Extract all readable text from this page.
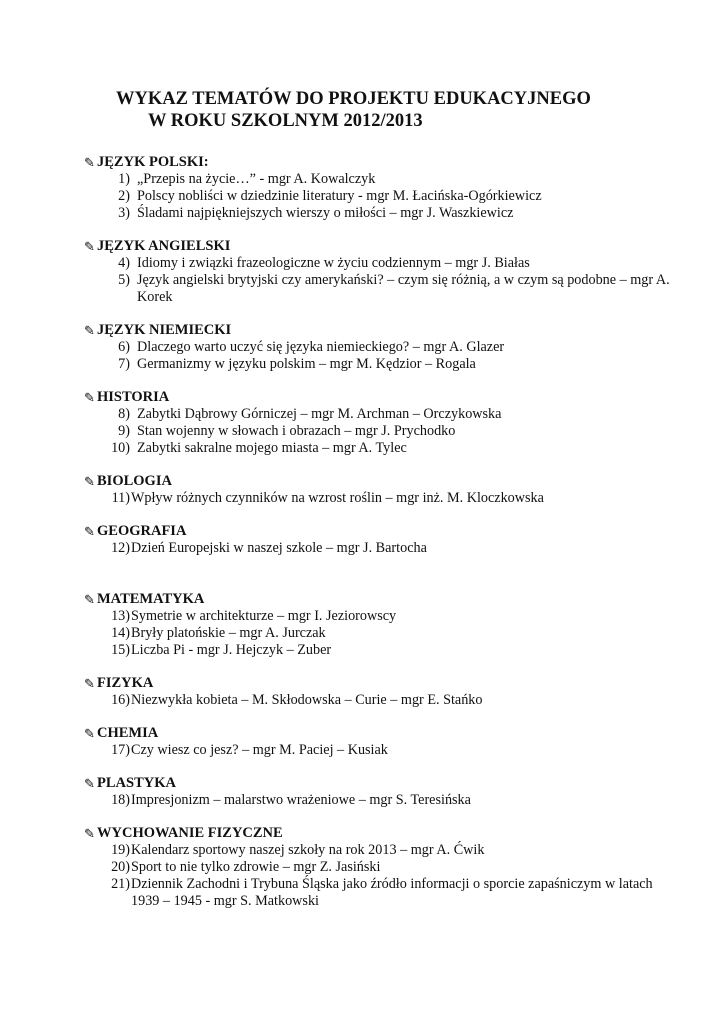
WYKAZ TEMATÓW DO PROJEKTU EDUKACYJNEGO
W ROKU SZKOLNYM 2012/2013
✎ JĘZYK POLSKI:
1) „Przepis na życie…” - mgr A. Kowalczyk
2) Polscy nobliści w dziedzinie literatury - mgr M. Łacińska-Ogórkiewicz
3) Śladami najpiękniejszych wierszy o miłości – mgr J. Waszkiewicz
✎ JĘZYK ANGIELSKI
4) Idiomy i związki frazeologiczne w życiu codziennym – mgr J. Białas
5) Język angielski brytyjski czy amerykański? – czym się różnią, a w czym są podobne – mgr A. Korek
✎ JĘZYK NIEMIECKI
6) Dlaczego warto uczyć się języka niemieckiego? – mgr A. Glazer
7) Germanizmy w języku polskim – mgr M. Kędzior – Rogala
✎ HISTORIA
8) Zabytki Dąbrowy Górniczej – mgr M. Archman – Orczykowska
9) Stan wojenny w słowach i obrazach – mgr J. Prychodko
10) Zabytki sakralne mojego miasta – mgr A. Tylec
✎ BIOLOGIA
11) Wpływ różnych czynników na wzrost roślin – mgr inż. M. Kloczkowska
✎ GEOGRAFIA
12) Dzień Europejski w naszej szkole – mgr J. Bartocha
✎ MATEMATYKA
13) Symetrie w architekturze – mgr I. Jeziorowscy
14) Bryły platońskie – mgr A. Jurczak
15) Liczba Pi - mgr J. Hejczyk – Zuber
✎ FIZYKA
16) Niezwykła kobieta – M. Skłodowska – Curie – mgr E. Stańko
✎ CHEMIA
17) Czy wiesz co jesz? – mgr M. Paciej – Kusiak
✎ PLASTYKA
18) Impresjonizm – malarstwo wrażeniowe – mgr S. Teresińska
✎ WYCHOWANIE FIZYCZNE
19) Kalendarz sportowy naszej szkoły na rok 2013 – mgr A. Ćwik
20) Sport to nie tylko zdrowie – mgr Z. Jasiński
21) Dziennik Zachodni i Trybuna Śląska jako źródło informacji o sporcie zapaśniczym w latach 1939 – 1945 - mgr S. Matkowski
